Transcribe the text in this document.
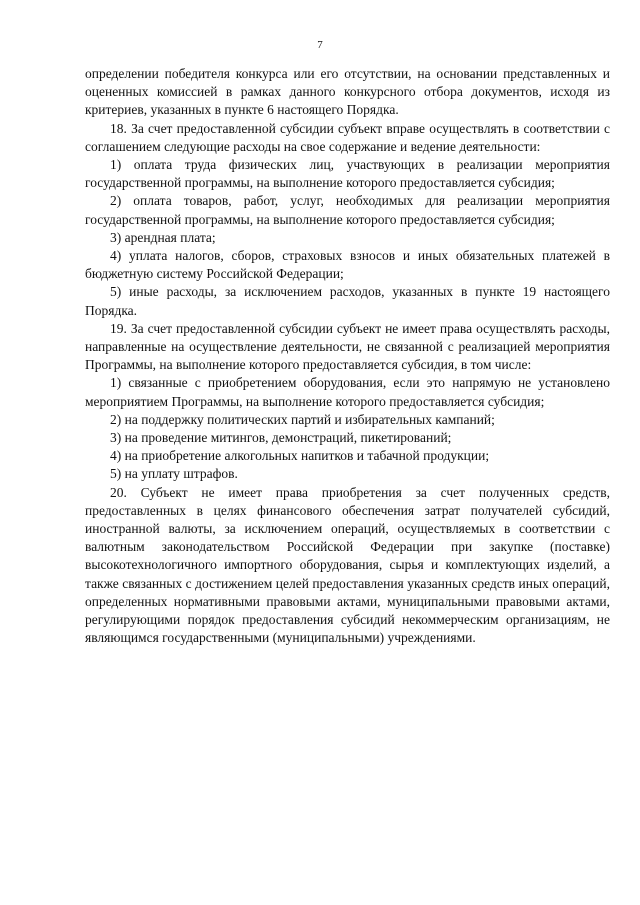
7

определении победителя конкурса или его отсутствии, на основании представленных и оцененных комиссией в рамках данного конкурсного отбора документов, исходя из критериев, указанных в пункте 6 настоящего Порядка.

18. За счет предоставленной субсидии субъект вправе осуществлять в соответствии с соглашением следующие расходы на свое содержание и ведение деятельности:

1) оплата труда физических лиц, участвующих в реализации мероприятия государственной программы, на выполнение которого предоставляется субсидия;

2) оплата товаров, работ, услуг, необходимых для реализации мероприятия государственной программы, на выполнение которого предоставляется субсидия;

3) арендная плата;

4) уплата налогов, сборов, страховых взносов и иных обязательных платежей в бюджетную систему Российской Федерации;

5) иные расходы, за исключением расходов, указанных в пункте 19 настоящего Порядка.

19. За счет предоставленной субсидии субъект не имеет права осуществлять расходы, направленные на осуществление деятельности, не связанной с реализацией мероприятия Программы, на выполнение которого предоставляется субсидия, в том числе:

1) связанные с приобретением оборудования, если это напрямую не установлено мероприятием Программы, на выполнение которого предоставляется субсидия;

2) на поддержку политических партий и избирательных кампаний;

3) на проведение митингов, демонстраций, пикетирований;

4) на приобретение алкогольных напитков и табачной продукции;

5) на уплату штрафов.

20. Субъект не имеет права приобретения за счет полученных средств, предоставленных в целях финансового обеспечения затрат получателей субсидий, иностранной валюты, за исключением операций, осуществляемых в соответствии с валютным законодательством Российской Федерации при закупке (поставке) высокотехнологичного импортного оборудования, сырья и комплектующих изделий, а также связанных с достижением целей предоставления указанных средств иных операций, определенных нормативными правовыми актами, муниципальными правовыми актами, регулирующими порядок предоставления субсидий некоммерческим организациям, не являющимся государственными (муниципальными) учреждениями.
